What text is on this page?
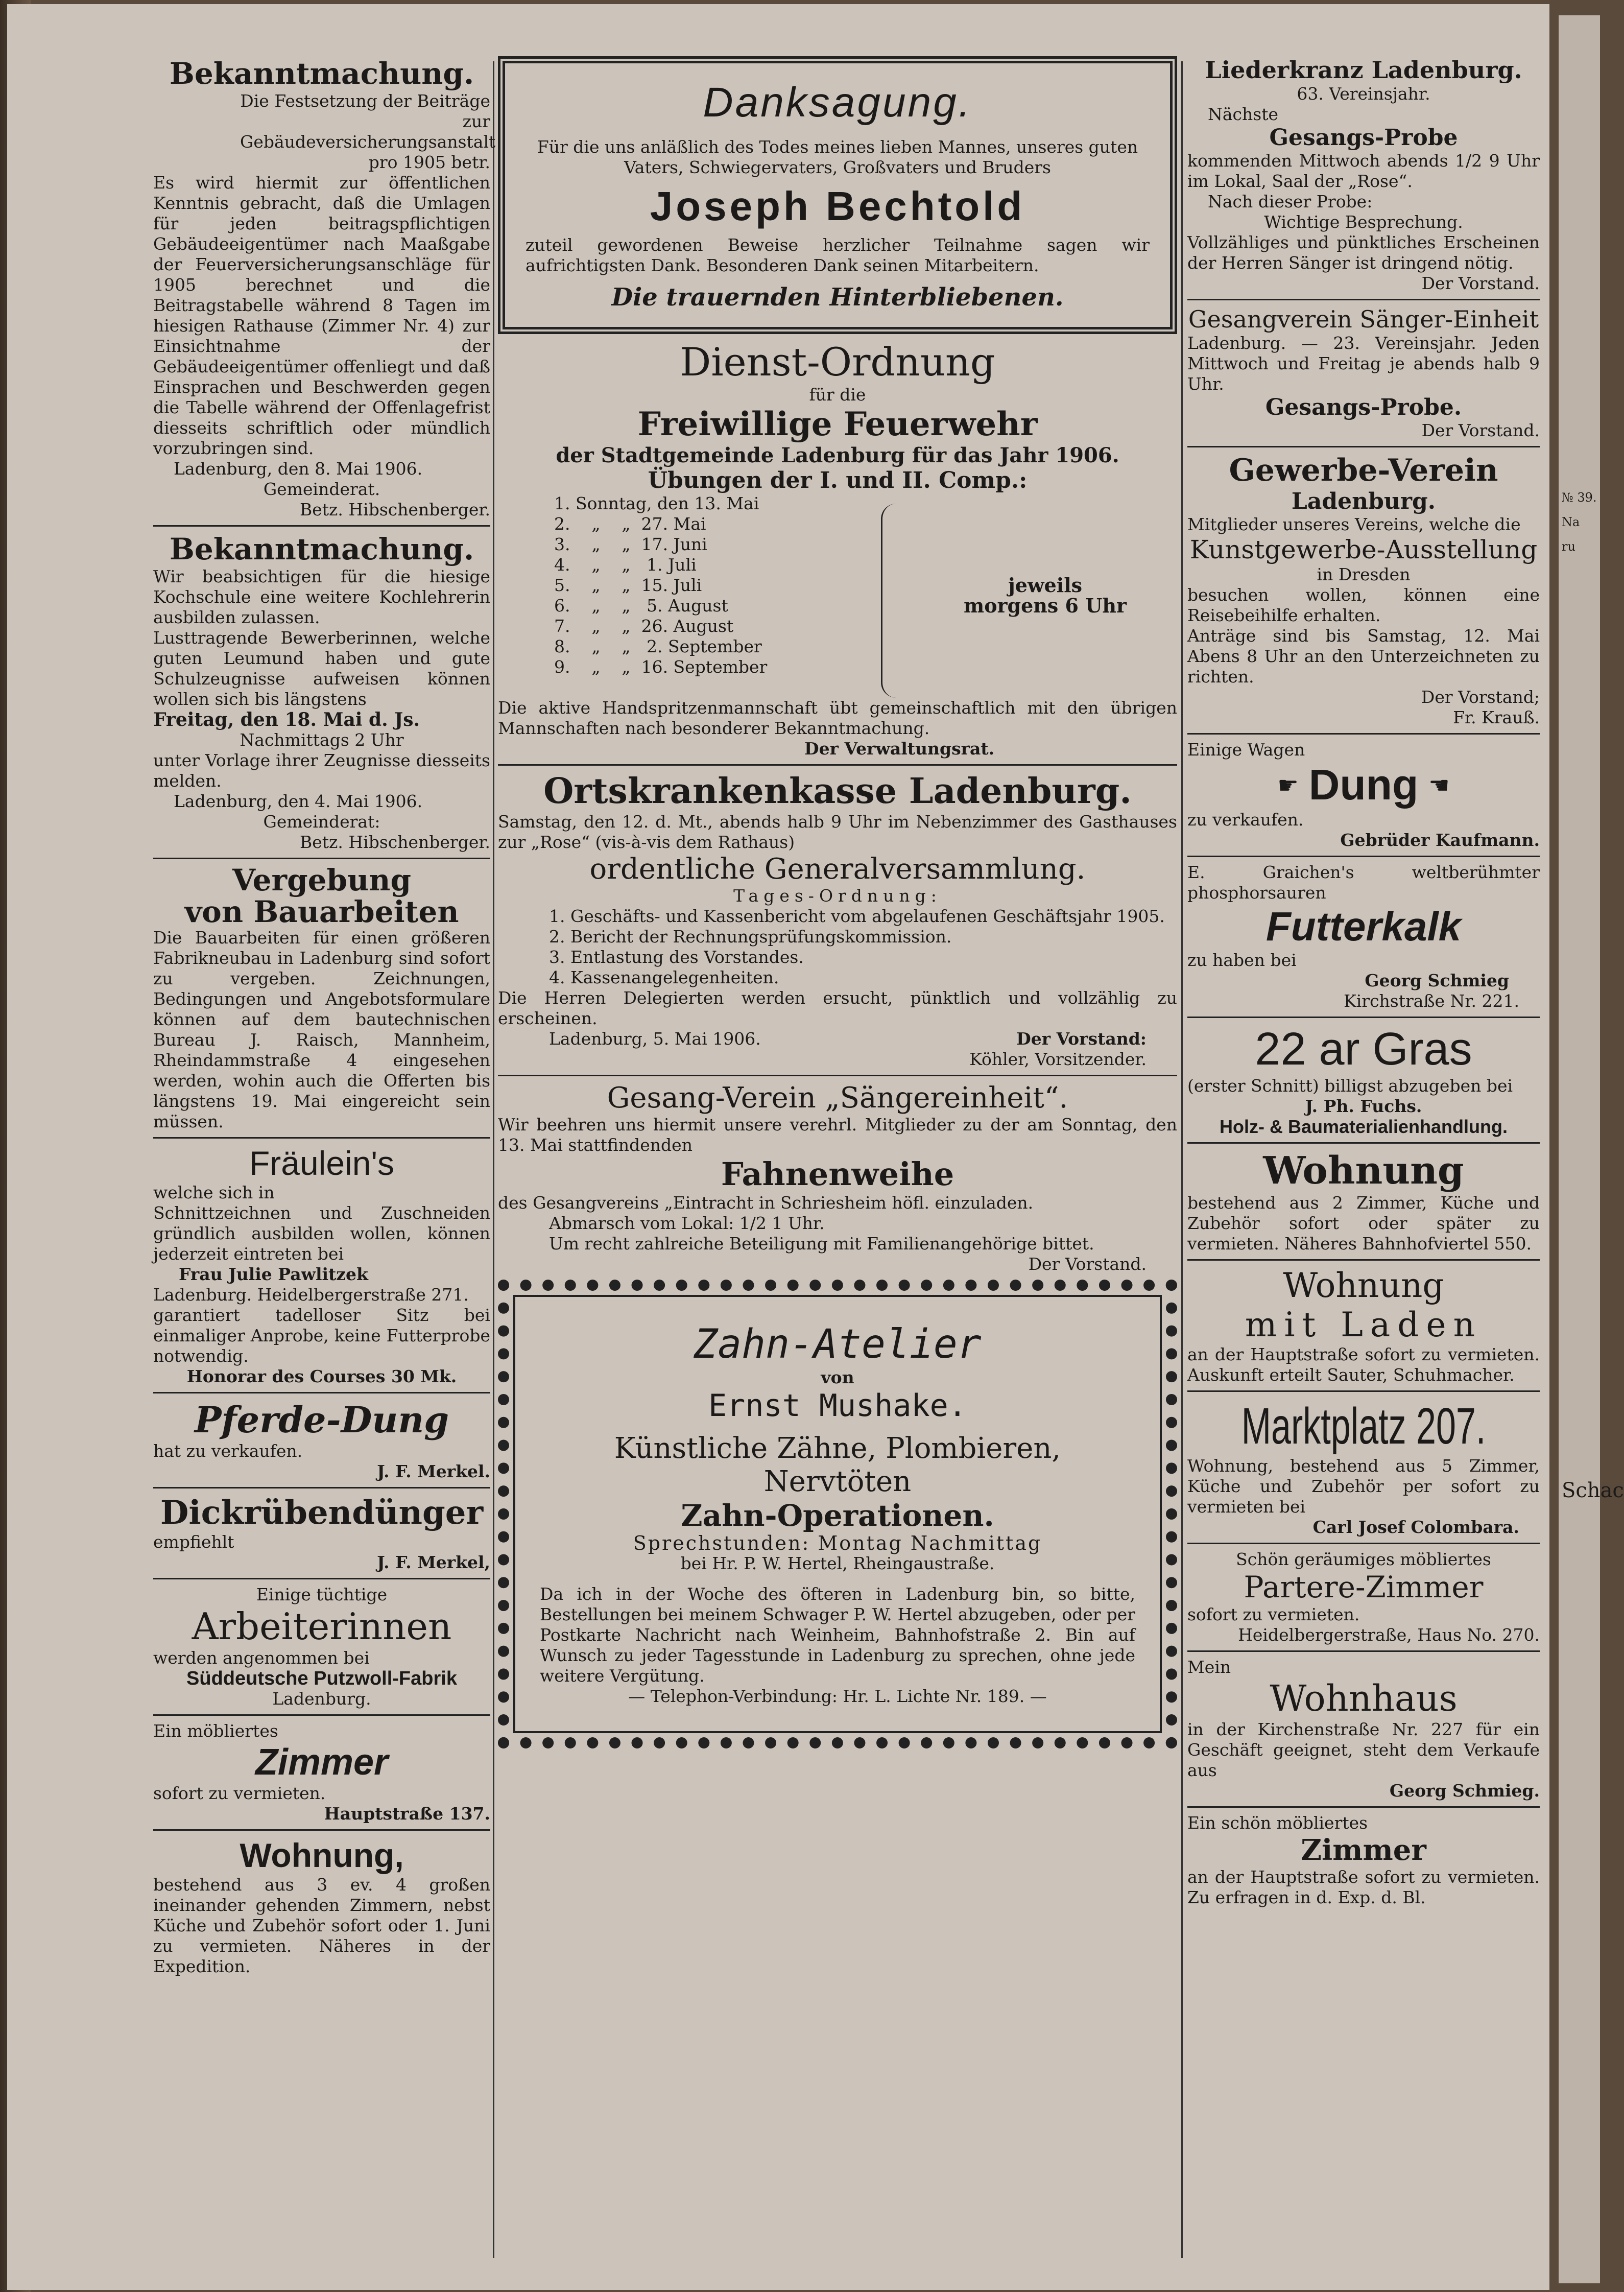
№ 39.
Na
ru
Schac

Bekanntmachung.

Die Festsetzung der Beiträge zur Gebäudeversicherungsanstalt pro 1905 betr.

Es wird hiermit zur öffentlichen Kenntnis gebracht, daß die Umlagen für jeden beitragspflichtigen Gebäudeeigentümer nach Maaßgabe der Feuerversicherungsanschläge für 1905 berechnet und die Beitragstabelle während 8 Tagen im hiesigen Rathause (Zimmer Nr. 4) zur Einsichtnahme der Gebäudeeigentümer offenliegt und daß Einsprachen und Beschwerden gegen die Tabelle während der Offenlagefrist diesseits schriftlich oder mündlich vorzubringen sind.

Ladenburg, den 8. Mai 1906.

Gemeinderat.

Betz. Hibschenberger.

Bekanntmachung.

Wir beabsichtigen für die hiesige Kochschule eine weitere Kochlehrerin ausbilden zulassen.

Lusttragende Bewerberinnen, welche guten Leumund haben und gute Schulzeugnisse aufweisen können wollen sich bis längstens

Freitag, den 18. Mai d. Js.

Nachmittags 2 Uhr

unter Vorlage ihrer Zeugnisse diesseits melden.

Ladenburg, den 4. Mai 1906.

Gemeinderat:

Betz. Hibschenberger.

Vergebung

von Bauarbeiten

Die Bauarbeiten für einen größeren Fabrikneubau in Ladenburg sind sofort zu vergeben. Zeichnungen, Bedingungen und Angebotsformulare können auf dem bautechnischen Bureau J. Raisch, Mannheim, Rheindammstraße 4 eingesehen werden, wohin auch die Offerten bis längstens 19. Mai eingereicht sein müssen.

Fräulein's

welche sich in

Schnittzeichnen und Zuschneiden gründlich ausbilden wollen, können jederzeit eintreten bei

Frau Julie Pawlitzek

Ladenburg. Heidelbergerstraße 271.

garantiert tadelloser Sitz bei einmaliger Anprobe, keine Futterprobe notwendig.

Honorar des Courses 30 Mk.

Pferde-Dung

hat zu verkaufen.

J. F. Merkel.

Dickrübendünger

empfiehlt

J. F. Merkel,

Einige tüchtige

Arbeiterinnen

werden angenommen bei

Süddeutsche Putzwoll-Fabrik

Ladenburg.

Ein möbliertes

Zimmer

sofort zu vermieten.

Hauptstraße 137.

Wohnung,

bestehend aus 3 ev. 4 großen ineinander gehenden Zimmern, nebst Küche und Zubehör sofort oder 1. Juni zu vermieten. Näheres in der Expedition.

Danksagung.

Für die uns anläßlich des Todes meines lieben Mannes, unseres guten Vaters, Schwiegervaters, Großvaters und Bruders

Joseph Bechtold

zuteil gewordenen Beweise herzlicher Teilnahme sagen wir aufrichtigsten Dank. Besonderen Dank seinen Mitarbeitern.

Die trauernden Hinterbliebenen.

Dienst-Ordnung

für die

Freiwillige Feuerwehr

der Stadtgemeinde Ladenburg für das Jahr 1906.

Übungen der I. und II. Comp.:

1. Sonntag, den 13. Mai

2.    „    „  27. Mai

3.    „    „  17. Juni

4.    „    „   1. Juli

5.    „    „  15. Juli

6.    „    „   5. August

7.    „    „  26. August

8.    „    „   2. September

9.    „    „  16. September

jeweils

morgens 6 Uhr

Die aktive Handspritzenmannschaft übt gemeinschaftlich mit den übrigen Mannschaften nach besonderer Bekanntmachung.

Der Verwaltungsrat.

Ortskrankenkasse Ladenburg.

Samstag, den 12. d. Mt., abends halb 9 Uhr im Nebenzimmer des Gasthauses zur „Rose“ (vis-à-vis dem Rathaus)

ordentliche Generalversammlung.

Tages-Ordnung:

1. Geschäfts- und Kassenbericht vom abgelaufenen Geschäftsjahr 1905.

2. Bericht der Rechnungsprüfungskommission.

3. Entlastung des Vorstandes.

4. Kassenangelegenheiten.

Die Herren Delegierten werden ersucht, pünktlich und vollzählig zu erscheinen.

Ladenburg, 5. Mai 1906.	Der Vorstand:

Köhler, Vorsitzender.

Gesang-Verein „Sängereinheit“.

Wir beehren uns hiermit unsere verehrl. Mitglieder zu der am Sonntag, den 13. Mai stattfindenden

Fahnenweihe

des Gesangvereins „Eintracht in Schriesheim höfl. einzuladen.

Abmarsch vom Lokal: 1/2 1 Uhr.

Um recht zahlreiche Beteiligung mit Familienangehörige bittet.

Der Vorstand.

Zahn-Atelier

von

Ernst Mushake.

Künstliche Zähne, Plombieren,

Nervtöten

Zahn-Operationen.

Sprechstunden: Montag Nachmittag

bei Hr. P. W. Hertel, Rheingaustraße.

Da ich in der Woche des öfteren in Ladenburg bin, so bitte, Bestellungen bei meinem Schwager P. W. Hertel abzugeben, oder per Postkarte Nachricht nach Weinheim, Bahnhofstraße 2. Bin auf Wunsch zu jeder Tagesstunde in Ladenburg zu sprechen, ohne jede weitere Vergütung.

— Telephon-Verbindung: Hr. L. Lichte Nr. 189. —

Liederkranz Ladenburg.

63. Vereinsjahr.

Nächste

Gesangs-Probe

kommenden Mittwoch abends 1/2 9 Uhr im Lokal, Saal der „Rose“.

Nach dieser Probe:

Wichtige Besprechung.

Vollzähliges und pünktliches Erscheinen der Herren Sänger ist dringend nötig.

Der Vorstand.

Gesangverein Sänger-Einheit

Ladenburg. — 23. Vereinsjahr. Jeden Mittwoch und Freitag je abends halb 9 Uhr.

Gesangs-Probe.

Der Vorstand.

Gewerbe-Verein

Ladenburg.

Mitglieder unseres Vereins, welche die

Kunstgewerbe-Ausstellung

in Dresden

besuchen wollen, können eine Reisebeihilfe erhalten.

Anträge sind bis Samstag, 12. Mai Abens 8 Uhr an den Unterzeichneten zu richten.

Der Vorstand;

Fr. Krauß.

Einige Wagen

☛ Dung ☚

zu verkaufen.

Gebrüder Kaufmann.

E. Graichen's weltberühmter phosphorsauren

Futterkalk

zu haben bei

Georg Schmieg

Kirchstraße Nr. 221.

22 ar Gras

(erster Schnitt) billigst abzugeben bei

J. Ph. Fuchs.

Holz- & Baumaterialienhandlung.

Wohnung

bestehend aus 2 Zimmer, Küche und Zubehör sofort oder später zu vermieten. Näheres Bahnhofviertel 550.

Wohnung

mit Laden

an der Hauptstraße sofort zu vermieten. Auskunft erteilt Sauter, Schuhmacher.

Marktplatz 207.

Wohnung, bestehend aus 5 Zimmer, Küche und Zubehör per sofort zu vermieten bei

Carl Josef Colombara.

Schön geräumiges möbliertes

Partere-Zimmer

sofort zu vermieten.

Heidelbergerstraße, Haus No. 270.

Mein

Wohnhaus

in der Kirchenstraße Nr. 227 für ein Geschäft geeignet, steht dem Verkaufe aus

Georg Schmieg.

Ein schön möbliertes

Zimmer

an der Hauptstraße sofort zu vermieten. Zu erfragen in d. Exp. d. Bl.
